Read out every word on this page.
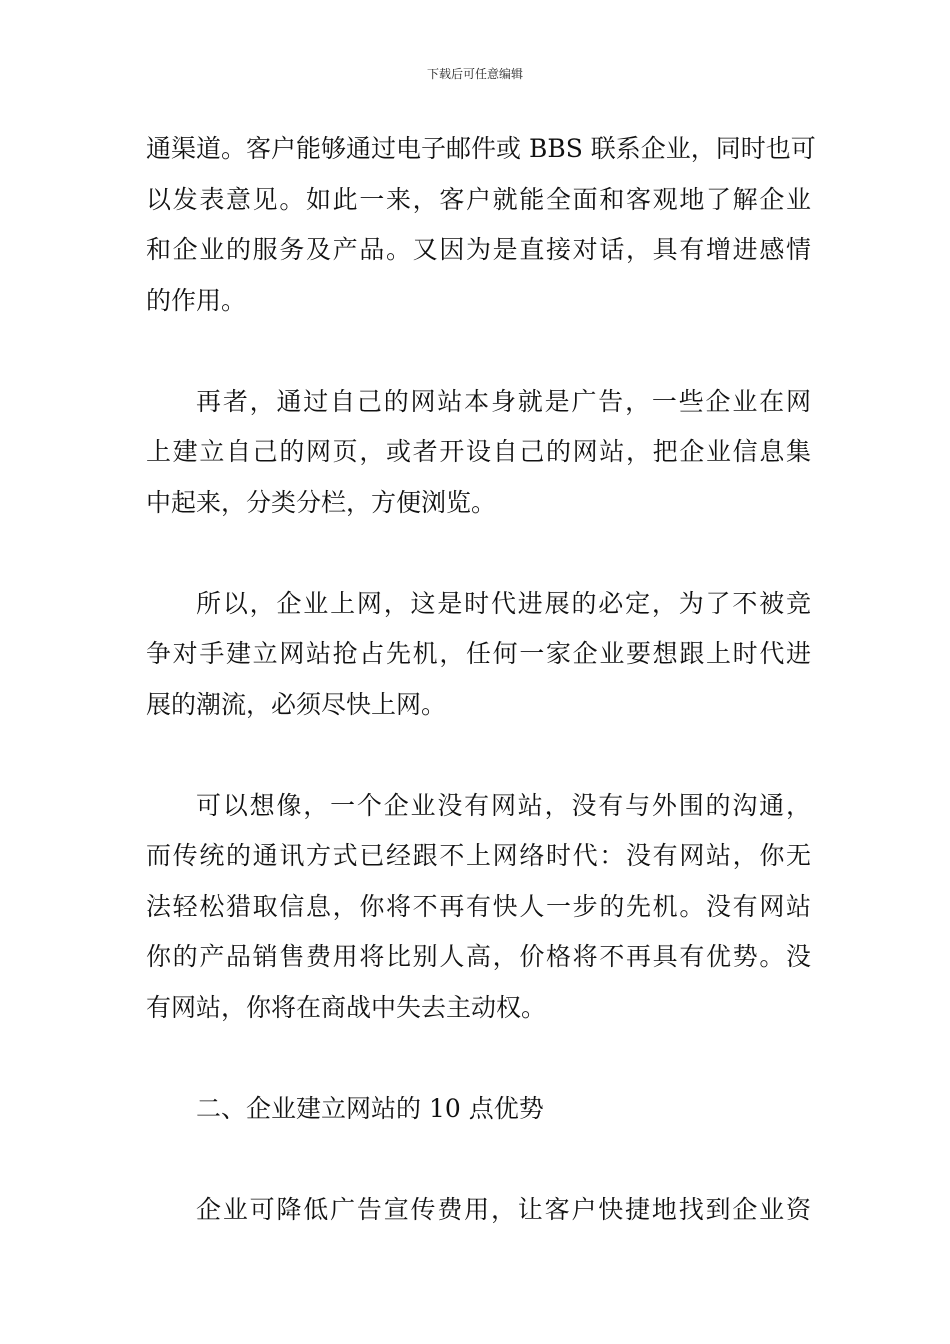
下载后可任意编辑

通渠道。客户能够通过电子邮件或 BBS 联系企业，同时也可
以发表意见。如此一来，客户就能全面和客观地了解企业
和企业的服务及产品。又因为是直接对话，具有增进感情
的作用。

再者，通过自己的网站本身就是广告，一些企业在网
上建立自己的网页，或者开设自己的网站，把企业信息集
中起来，分类分栏，方便浏览。

所以，企业上网，这是时代进展的必定，为了不被竞
争对手建立网站抢占先机，任何一家企业要想跟上时代进
展的潮流，必须尽快上网。

可以想像，一个企业没有网站，没有与外围的沟通，
而传统的通讯方式已经跟不上网络时代：没有网站，你无
法轻松猎取信息，你将不再有快人一步的先机。没有网站
你的产品销售费用将比别人高，价格将不再具有优势。没
有网站，你将在商战中失去主动权。

二、企业建立网站的 10 点优势

企业可降低广告宣传费用，让客户快捷地找到企业资
